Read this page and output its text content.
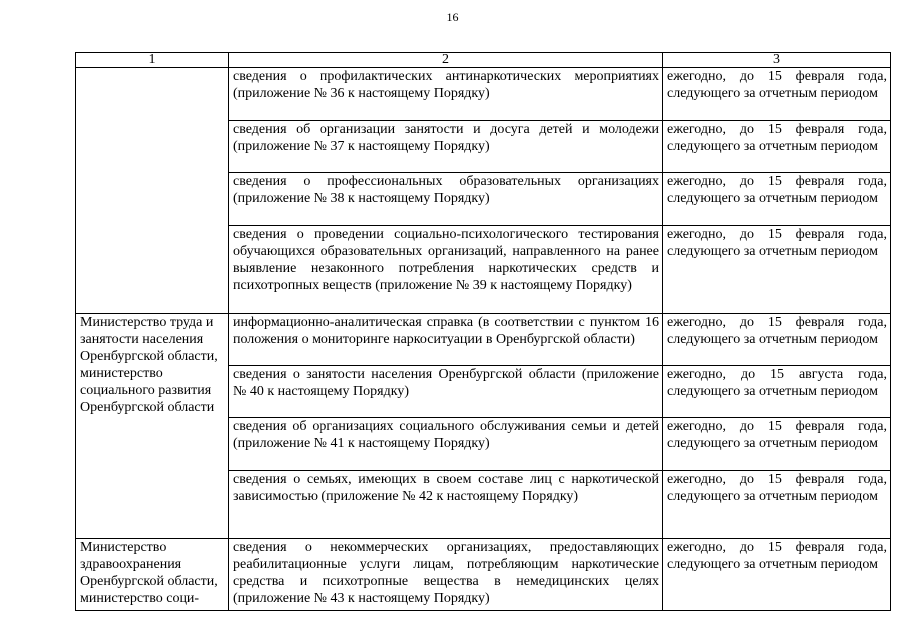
16
1	2	3
	сведения о профилактических антинаркотических мероприятиях (приложение № 36 к настоящему Порядку)	ежегодно, до 15 февраля года, следующего за отчетным периодом
	сведения об организации занятости и досуга детей и молодежи (приложение № 37 к настоящему Порядку)	ежегодно, до 15 февраля года, следующего за отчетным периодом
	сведения о профессиональных образовательных организациях (приложение № 38 к настоящему Порядку)	ежегодно, до 15 февраля года, следующего за отчетным периодом
	сведения о проведении социально-психологического тестирования обучающихся образовательных организаций, направленного на ранее выявление незаконного потребления наркотических средств и психотропных веществ (приложение № 39 к настоящему Порядку)	ежегодно, до 15 февраля года, следующего за отчетным периодом
Министерство труда и занятости населения Оренбургской области, министерство социального развития Оренбургской области	информационно-аналитическая справка (в соответствии с пунктом 16 положения о мониторинге наркоситуации в Оренбургской области)	ежегодно, до 15 февраля года, следующего за отчетным периодом
	сведения о занятости населения Оренбургской области (приложение № 40 к настоящему Порядку)	ежегодно, до 15 августа года, следующего за отчетным периодом
	сведения об организациях социального обслуживания семьи и детей (приложение № 41 к настоящему Порядку)	ежегодно, до 15 февраля года, следующего за отчетным периодом
	сведения о семьях, имеющих в своем составе лиц с наркотической зависимостью (приложение № 42 к настоящему Порядку)	ежегодно, до 15 февраля года, следующего за отчетным периодом
Министерство здравоохранения Оренбургской области, министерство соци-	сведения о некоммерческих организациях, предоставляющих реабилитационные услуги лицам, потребляющим наркотические средства и психотропные вещества в немедицинских целях (приложение № 43 к настоящему Порядку)	ежегодно, до 15 февраля года, следующего за отчетным периодом
